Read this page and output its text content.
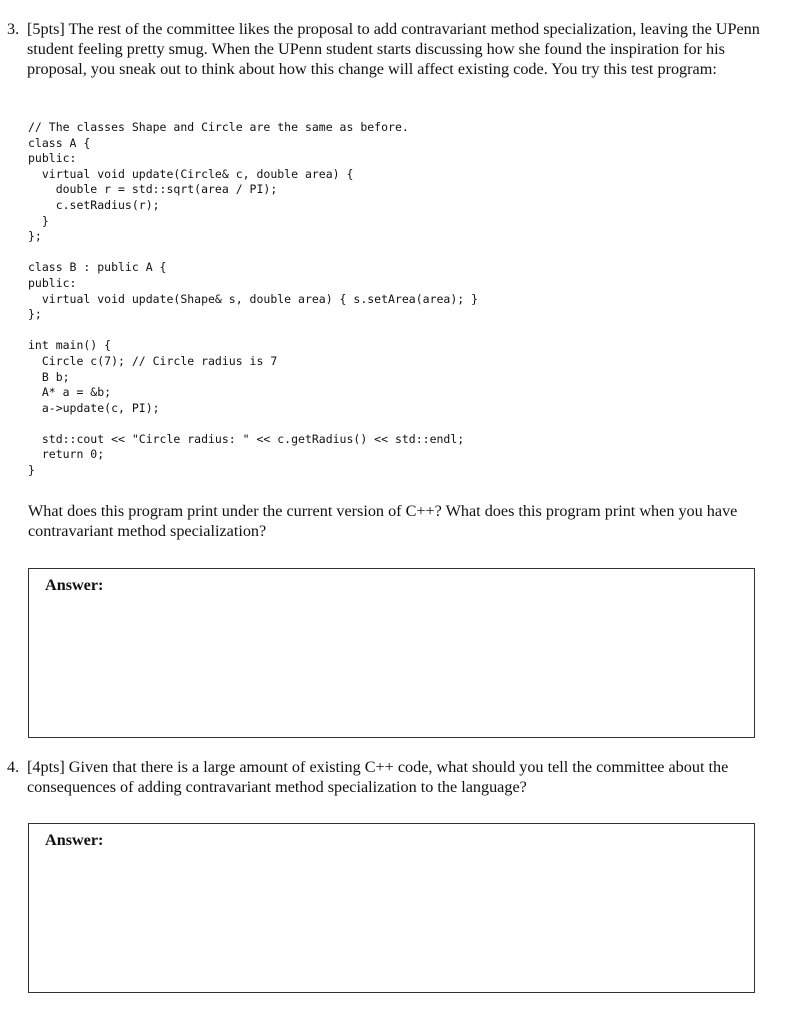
3. [5pts] The rest of the committee likes the proposal to add contravariant method specialization, leaving the UPenn student feeling pretty smug. When the UPenn student starts discussing how she found the inspiration for his proposal, you sneak out to think about how this change will affect existing code. You try this test program:
// The classes Shape and Circle are the same as before.
class A {
public:
virtual void update(Circle& c, double area) {
double r = std::sqrt(area / PI);
c.setRadius(r);
}
};

class B : public A {
public:
virtual void update(Shape& s, double area) { s.setArea(area); }
};

int main() {
Circle c(7); // Circle radius is 7
B b;
A* a = &b;
a->update(c, PI);

std::cout << "Circle radius: " << c.getRadius() << std::endl;
return 0;
}
What does this program print under the current version of C++? What does this program print when you have contravariant method specialization?
Answer:
4. [4pts] Given that there is a large amount of existing C++ code, what should you tell the committee about the consequences of adding contravariant method specialization to the language?
Answer:
